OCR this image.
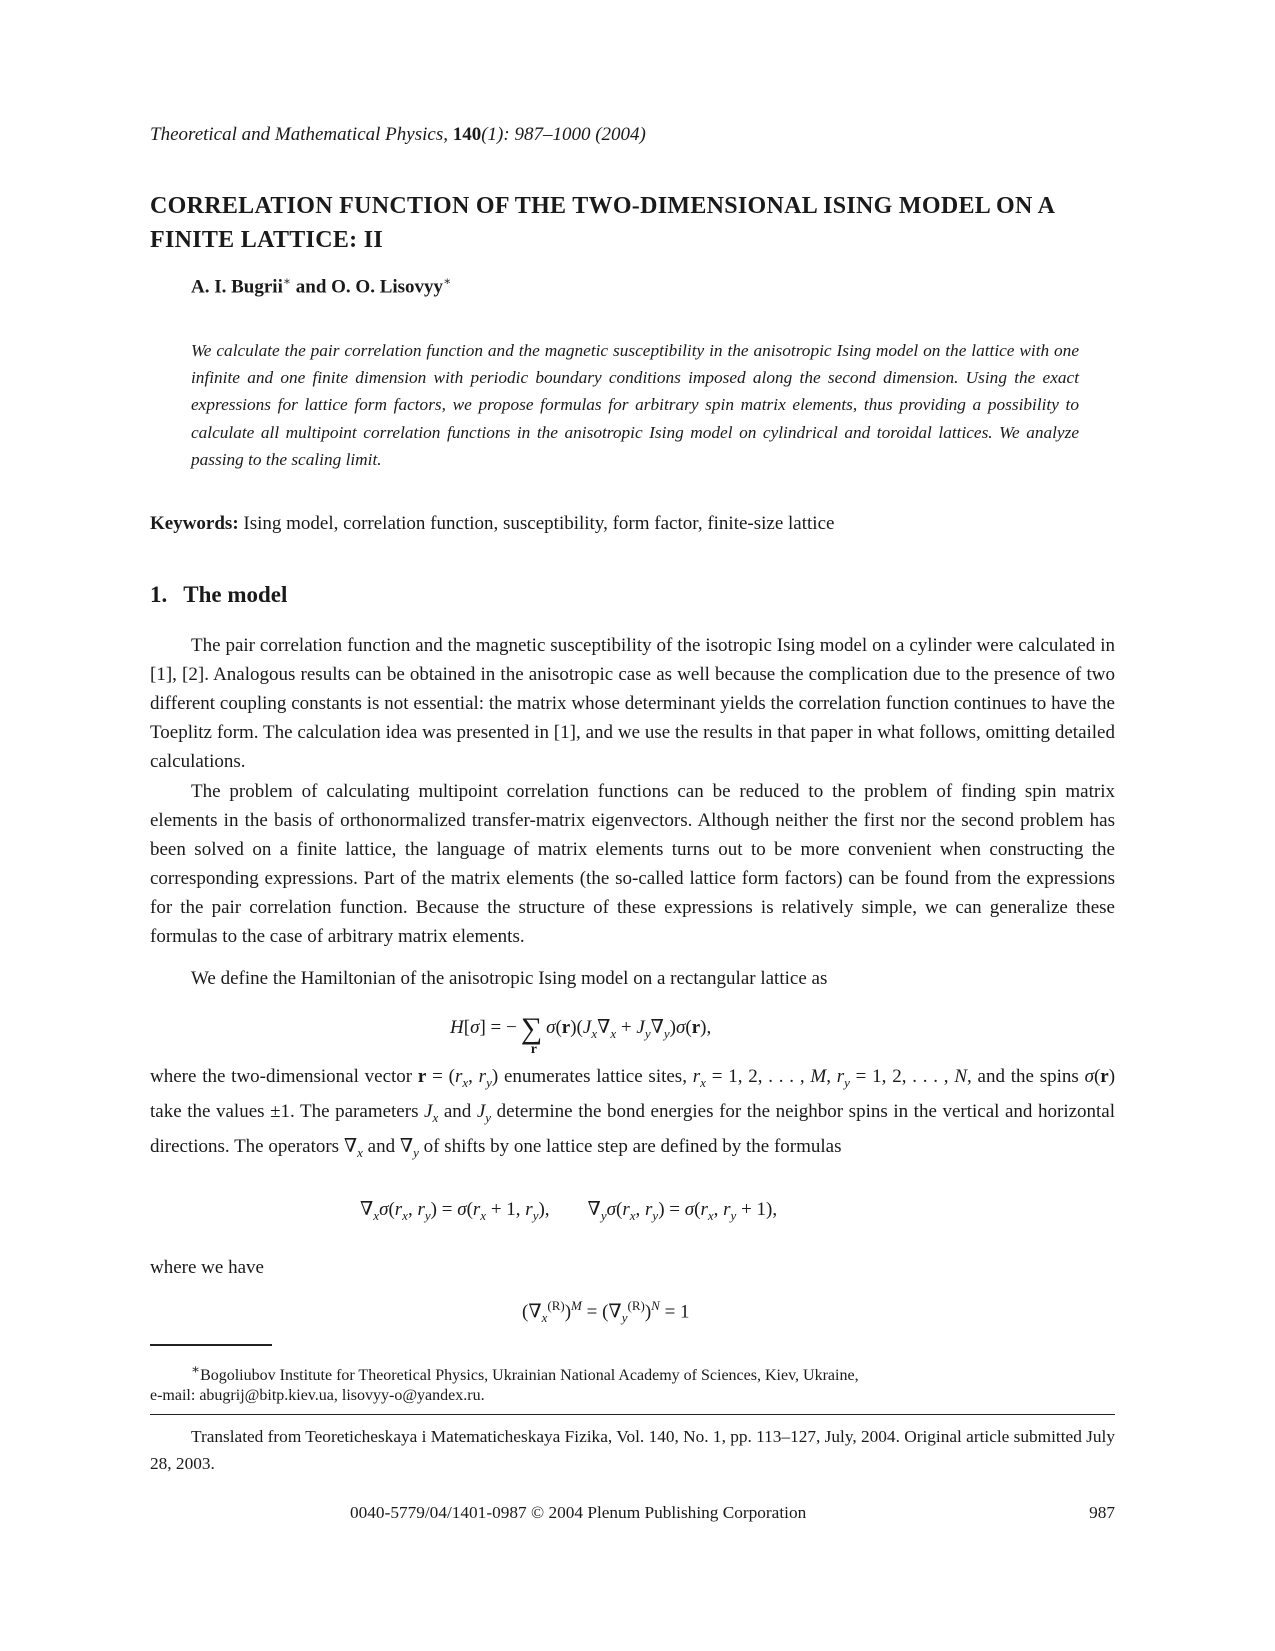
Theoretical and Mathematical Physics, 140(1): 987–1000 (2004)
CORRELATION FUNCTION OF THE TWO-DIMENSIONAL ISING MODEL ON A FINITE LATTICE: II
A. I. Bugrii∗ and O. O. Lisovyy∗

We calculate the pair correlation function and the magnetic susceptibility in the anisotropic Ising model on the lattice with one infinite and one finite dimension with periodic boundary conditions imposed along the second dimension. Using the exact expressions for lattice form factors, we propose formulas for arbitrary spin matrix elements, thus providing a possibility to calculate all multipoint correlation functions in the anisotropic Ising model on cylindrical and toroidal lattices. We analyze passing to the scaling limit.

Keywords: Ising model, correlation function, susceptibility, form factor, finite-size lattice
1. The model

The pair correlation function and the magnetic susceptibility of the isotropic Ising model on a cylinder were calculated in [1], [2]. Analogous results can be obtained in the anisotropic case as well because the complication due to the presence of two different coupling constants is not essential: the matrix whose determinant yields the correlation function continues to have the Toeplitz form. The calculation idea was presented in [1], and we use the results in that paper in what follows, omitting detailed calculations.

The problem of calculating multipoint correlation functions can be reduced to the problem of finding spin matrix elements in the basis of orthonormalized transfer-matrix eigenvectors. Although neither the first nor the second problem has been solved on a finite lattice, the language of matrix elements turns out to be more convenient when constructing the corresponding expressions. Part of the matrix elements (the so-called lattice form factors) can be found from the expressions for the pair correlation function. Because the structure of these expressions is relatively simple, we can generalize these formulas to the case of arbitrary matrix elements.

We define the Hamiltonian of the anisotropic Ising model on a rectangular lattice as

H[σ] = − ∑
r
$\sigma(r)(J_x\nabla_x + J_y\nabla_y)\sigma(r)$,

where the two-dimensional vector $r = (r_x$, $r_y$) enumerates lattice sites, $r_x = 1$, 2, . . . , M, $r_y = 1$, 2, . . . , N, and the spins σ(r) take the values ±1. The parameters $J_x$ and $J_y$ determine the bond energies for the neighbor spins in the vertical and horizontal directions. The operators $\nabla_x$ and $\nabla_y$ of shifts by one lattice step are defined by the formulas

$\nabla_x\sigma(r_x$, $r_y) = \sigma(r_x + 1$, $r_y$),        $\nabla_y\sigma(r_x$, $r_y) = \sigma(r_x$, $r_y + 1$),

where we have

$(\nabla_x^{(R)})^M = (\nabla_y^{(R)})^N = 1$
∗Bogoliubov Institute for Theoretical Physics, Ukrainian National Academy of Sciences, Kiev, Ukraine,
e-mail: abugrij@bitp.kiev.ua, lisovyy-o@yandex.ru.

Translated from Teoreticheskaya i Matematicheskaya Fizika, Vol. 140, No. 1, pp. 113–127, July, 2004. Original article submitted July 28, 2003.

0040-5779/04/1401-0987 © 2004 Plenum Publishing Corporation	987
